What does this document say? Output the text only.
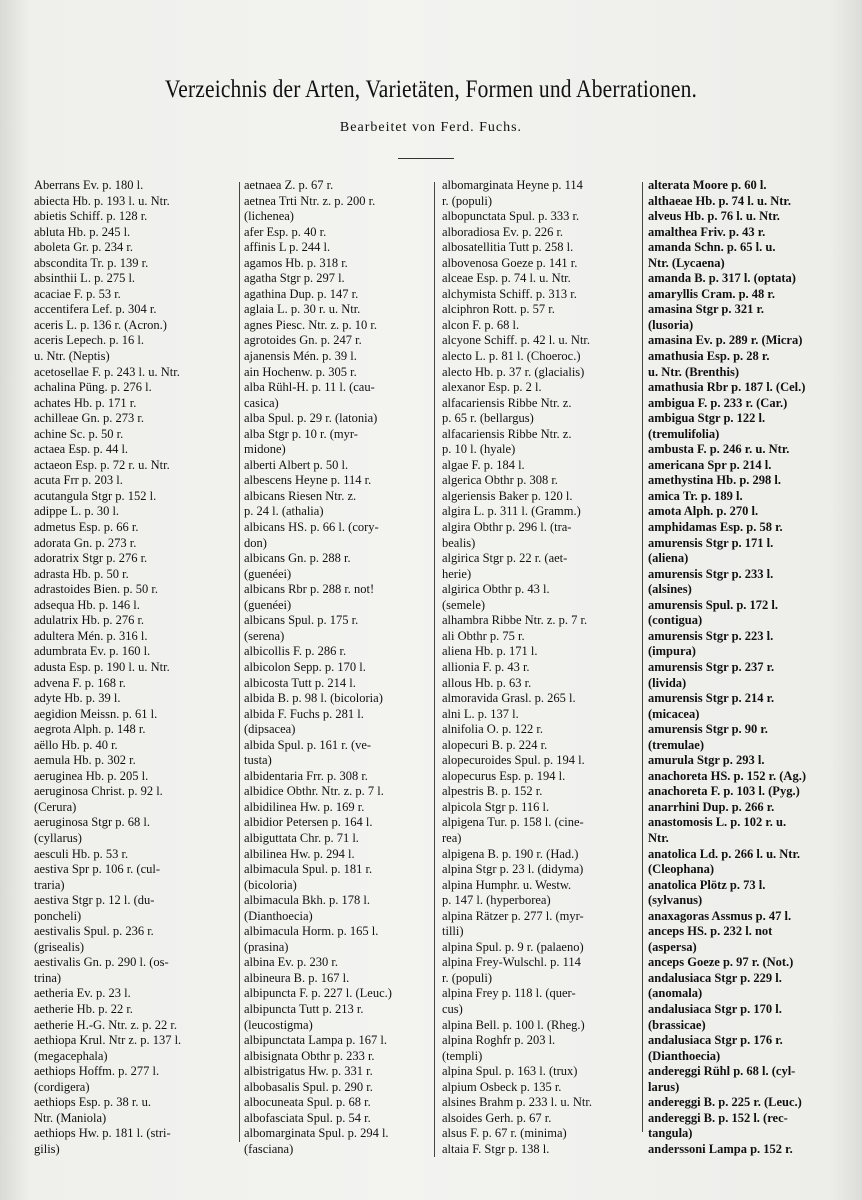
Verzeichnis der Arten, Varietäten, Formen und Aberrationen.
Bearbeitet von Ferd. Fuchs.
Aberrans Ev. p. 180 l.
abiecta Hb. p. 193 l. u. Ntr.
abietis Schiff. p. 128 r.
abluta Hb. p. 245 l.
aboleta Gr. p. 234 r.
abscondita Tr. p. 139 r.
absinthii L. p. 275 l.
acaciae F. p. 53 r.
accentifera Lef. p. 304 r.
aceris L. p. 136 r. (Acron.)
aceris Lepech. p. 16 l.
u. Ntr. (Neptis)
acetosellae F. p. 243 l. u. Ntr.
achalina Püng. p. 276 l.
achates Hb. p. 171 r.
achilleae Gn. p. 273 r.
achine Sc. p. 50 r.
actaea Esp. p. 44 l.
actaeon Esp. p. 72 r. u. Ntr.
acuta Frr p. 203 l.
acutangula Stgr p. 152 l.
adippe L. p. 30 l.
admetus Esp. p. 66 r.
adorata Gn. p. 273 r.
adoratrix Stgr p. 276 r.
adrasta Hb. p. 50 r.
adrastoides Bien. p. 50 r.
adsequa Hb. p. 146 l.
adulatrix Hb. p. 276 r.
adultera Mén. p. 316 l.
adumbrata Ev. p. 160 l.
adusta Esp. p. 190 l. u. Ntr.
advena F. p. 168 r.
adyte Hb. p. 39 l.
aegidion Meissn. p. 61 l.
aegrota Alph. p. 148 r.
aëllo Hb. p. 40 r.
aemula Hb. p. 302 r.
aeruginea Hb. p. 205 l.
aeruginosa Christ. p. 92 l.
(Cerura)
aeruginosa Stgr p. 68 l.
(cyllarus)
aesculi Hb. p. 53 r.
aestiva Spr p. 106 r. (cul-
traria)
aestiva Stgr p. 12 l. (du-
poncheli)
aestivalis Spul. p. 236 r.
(grisealis)
aestivalis Gn. p. 290 l. (os-
trina)
aetheria Ev. p. 23 l.
aetherie Hb. p. 22 r.
aetherie H.-G. Ntr. z. p. 22 r.
aethiopa Krul. Ntr z. p. 137 l.
(megacephala)
aethiops Hoffm. p. 277 l.
(cordigera)
aethiops Esp. p. 38 r. u.
Ntr. (Maniola)
aethiops Hw. p. 181 l. (stri-
gilis)
aetnaea Z. p. 67 r.
aetnea Trti Ntr. z. p. 200 r.
(lichenea)
afer Esp. p. 40 r.
affinis L p. 244 l.
agamos Hb. p. 318 r.
agatha Stgr p. 297 l.
agathina Dup. p. 147 r.
aglaia L. p. 30 r. u. Ntr.
agnes Piesc. Ntr. z. p. 10 r.
agrotoides Gn. p. 247 r.
ajanensis Mén. p. 39 l.
ain Hochenw. p. 305 r.
alba Rühl-H. p. 11 l. (cau-
casica)
alba Spul. p. 29 r. (latonia)
alba Stgr p. 10 r. (myr-
midone)
alberti Albert p. 50 l.
albescens Heyne p. 114 r.
albicans Riesen Ntr. z.
p. 24 l. (athalia)
albicans HS. p. 66 l. (cory-
don)
albicans Gn. p. 288 r.
(guenéei)
albicans Rbr p. 288 r. not!
(guenéei)
albicans Spul. p. 175 r.
(serena)
albicollis F. p. 286 r.
albicolon Sepp. p. 170 l.
albicosta Tutt p. 214 l.
albida B. p. 98 l. (bicoloria)
albida F. Fuchs p. 281 l.
(dipsacea)
albida Spul. p. 161 r. (ve-
tusta)
albidentaria Frr. p. 308 r.
albidice Obthr. Ntr. z. p. 7 l.
albidilinea Hw. p. 169 r.
albidior Petersen p. 164 l.
albiguttata Chr. p. 71 l.
albilinea Hw. p. 294 l.
albimacula Spul. p. 181 r.
(bicoloria)
albimacula Bkh. p. 178 l.
(Dianthoecia)
albimacula Horm. p. 165 l.
(prasina)
albina Ev. p. 230 r.
albineura B. p. 167 l.
albipuncta F. p. 227 l. (Leuc.)
albipuncta Tutt p. 213 r.
(leucostigma)
albipunctata Lampa p. 167 l.
albisignata Obthr p. 233 r.
albistrigatus Hw. p. 331 r.
albobasalis Spul. p. 290 r.
albocuneata Spul. p. 68 r.
albofasciata Spul. p. 54 r.
albomarginata Spul. p. 294 l.
(fasciana)
albomarginata Heyne p. 114
r. (populi)
albopunctata Spul. p. 333 r.
alboradiosa Ev. p. 226 r.
albosatellitia Tutt p. 258 l.
albovenosa Goeze p. 141 r.
alceae Esp. p. 74 l. u. Ntr.
alchymista Schiff. p. 313 r.
alciphron Rott. p. 57 r.
alcon F. p. 68 l.
alcyone Schiff. p. 42 l. u. Ntr.
alecto L. p. 81 l. (Choeroc.)
alecto Hb. p. 37 r. (glacialis)
alexanor Esp. p. 2 l.
alfacariensis Ribbe Ntr. z.
p. 65 r. (bellargus)
alfacariensis Ribbe Ntr. z.
p. 10 l. (hyale)
algae F. p. 184 l.
algerica Obthr p. 308 r.
algeriensis Baker p. 120 l.
algira L. p. 311 l. (Gramm.)
algira Obthr p. 296 l. (tra-
bealis)
algirica Stgr p. 22 r. (aet-
herie)
algirica Obthr p. 43 l.
(semele)
alhambra Ribbe Ntr. z. p. 7 r.
ali Obthr p. 75 r.
aliena Hb. p. 171 l.
allionia F. p. 43 r.
allous Hb. p. 63 r.
almoravida Grasl. p. 265 l.
alni L. p. 137 l.
alnifolia O. p. 122 r.
alopecuri B. p. 224 r.
alopecuroides Spul. p. 194 l.
alopecurus Esp. p. 194 l.
alpestris B. p. 152 r.
alpicola Stgr p. 116 l.
alpigena Tur. p. 158 l. (cine-
rea)
alpigena B. p. 190 r. (Had.)
alpina Stgr p. 23 l. (didyma)
alpina Humphr. u. Westw.
p. 147 l. (hyperborea)
alpina Rätzer p. 277 l. (myr-
tilli)
alpina Spul. p. 9 r. (palaeno)
alpina Frey-Wulschl. p. 114
r. (populi)
alpina Frey p. 118 l. (quer-
cus)
alpina Bell. p. 100 l. (Rheg.)
alpina Roghfr p. 203 l.
(templi)
alpina Spul. p. 163 l. (trux)
alpium Osbeck p. 135 r.
alsines Brahm p. 233 l. u. Ntr.
alsoides Gerh. p. 67 r.
alsus F. p. 67 r. (minima)
altaia F. Stgr p. 138 l.
alterata Moore p. 60 l.
althaeae Hb. p. 74 l. u. Ntr.
alveus Hb. p. 76 l. u. Ntr.
amalthea Friv. p. 43 r.
amanda Schn. p. 65 l. u.
Ntr. (Lycaena)
amanda B. p. 317 l. (optata)
amaryllis Cram. p. 48 r.
amasina Stgr p. 321 r.
(lusoria)
amasina Ev. p. 289 r. (Micra)
amathusia Esp. p. 28 r.
u. Ntr. (Brenthis)
amathusia Rbr p. 187 l. (Cel.)
ambigua F. p. 233 r. (Car.)
ambigua Stgr p. 122 l.
(tremulifolia)
ambusta F. p. 246 r. u. Ntr.
americana Spr p. 214 l.
amethystina Hb. p. 298 l.
amica Tr. p. 189 l.
amota Alph. p. 270 l.
amphidamas Esp. p. 58 r.
amurensis Stgr p. 171 l.
(aliena)
amurensis Stgr p. 233 l.
(alsines)
amurensis Spul. p. 172 l.
(contigua)
amurensis Stgr p. 223 l.
(impura)
amurensis Stgr p. 237 r.
(livida)
amurensis Stgr p. 214 r.
(micacea)
amurensis Stgr p. 90 r.
(tremulae)
amurula Stgr p. 293 l.
anachoreta HS. p. 152 r. (Ag.)
anachoreta F. p. 103 l. (Pyg.)
anarrhini Dup. p. 266 r.
anastomosis L. p. 102 r. u.
Ntr.
anatolica Ld. p. 266 l. u. Ntr.
(Cleophana)
anatolica Plötz p. 73 l.
(sylvanus)
anaxagoras Assmus p. 47 l.
anceps HS. p. 232 l. not
(aspersa)
anceps Goeze p. 97 r. (Not.)
andalusiaca Stgr p. 229 l.
(anomala)
andalusiaca Stgr p. 170 l.
(brassicae)
andalusiaca Stgr p. 176 r.
(Dianthoecia)
andereggi Rühl p. 68 l. (cyl-
larus)
andereggi B. p. 225 r. (Leuc.)
andereggi B. p. 152 l. (rec-
tangula)
anderssoni Lampa p. 152 r.
